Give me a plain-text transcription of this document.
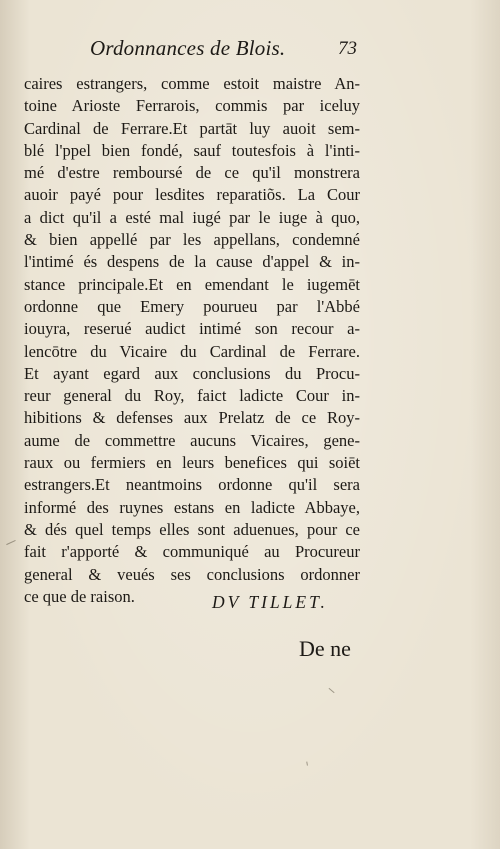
Ordonnances de Blois.	73
caires estrangers, comme estoit maistre An-
toine Arioste Ferrarois, commis par iceluy
Cardinal de Ferrare.Et partāt luy auoit sem-
blé l'ppel bien fondé, sauf toutesfois à l'inti-
mé d'estre remboursé de ce qu'il monstrera
auoir payé pour lesdites reparatiõs. La Cour
a dict qu'il a esté mal iugé par le iuge à quo,
& bien appellé par les appellans, condemné
l'intimé és despens de la cause d'appel & in-
stance principale.Et en emendant le iugemēt
ordonne que Emery pourueu par l'Abbé
iouyra, reserué audict intimé son recour a-
lencōtre du Vicaire du Cardinal de Ferrare.
Et ayant egard aux conclusions du Procu-
reur general du Roy, faict ladicte Cour in-
hibitions & defenses aux Prelatz de ce Roy-
aume de commettre aucuns Vicaires, gene-
raux ou fermiers en leurs benefices qui soiēt
estrangers.Et neantmoins ordonne qu'il sera
informé des ruynes estans en ladicte Abbaye,
& dés quel temps elles sont aduenues, pour ce
fait r'apporté & communiqué au Procureur
general & veués ses conclusions ordonner
ce que de raison.	DV TILLET.
De ne
